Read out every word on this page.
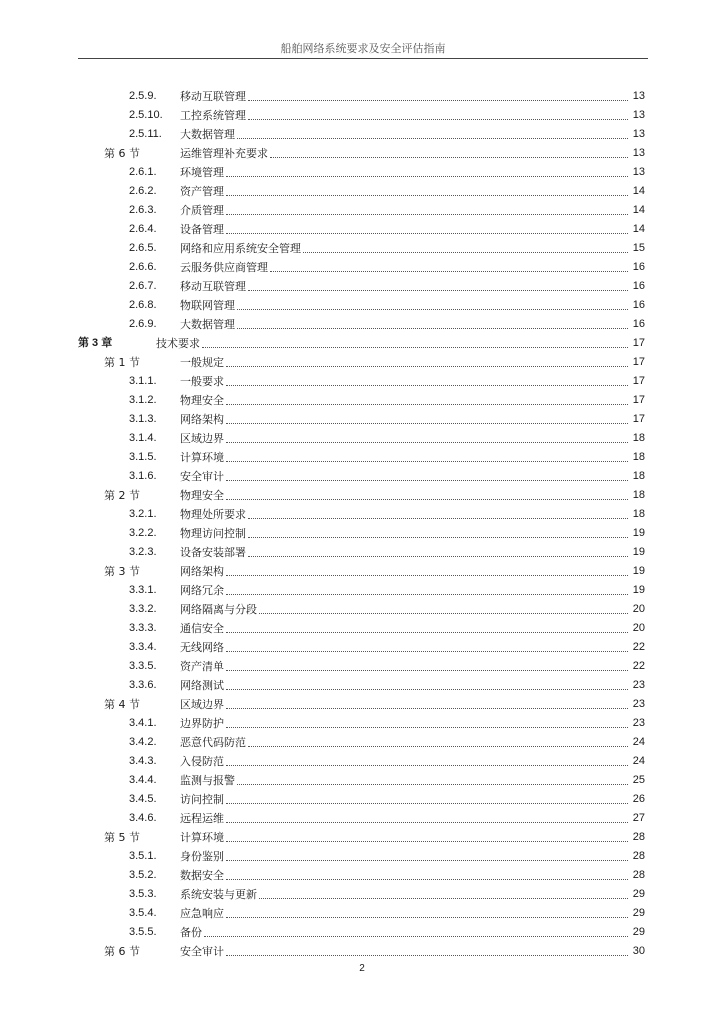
船舶网络系统要求及安全评估指南
2.5.9. 移动互联管理	13
2.5.10. 工控系统管理	13
2.5.11. 大数据管理	13
第 6 节	运维管理补充要求	13
2.6.1. 环境管理	13
2.6.2. 资产管理	14
2.6.3. 介质管理	14
2.6.4. 设备管理	14
2.6.5. 网络和应用系统安全管理	15
2.6.6. 云服务供应商管理	16
2.6.7. 移动互联管理	16
2.6.8. 物联网管理	16
2.6.9. 大数据管理	16
第 3 章	技术要求	17
第 1 节	一般规定	17
3.1.1. 一般要求	17
3.1.2. 物理安全	17
3.1.3. 网络架构	17
3.1.4. 区域边界	18
3.1.5. 计算环境	18
3.1.6. 安全审计	18
第 2 节	物理安全	18
3.2.1. 物理处所要求	18
3.2.2. 物理访问控制	19
3.2.3. 设备安装部署	19
第 3 节	网络架构	19
3.3.1. 网络冗余	19
3.3.2. 网络隔离与分段	20
3.3.3. 通信安全	20
3.3.4. 无线网络	22
3.3.5. 资产清单	22
3.3.6. 网络测试	23
第 4 节	区域边界	23
3.4.1. 边界防护	23
3.4.2. 恶意代码防范	24
3.4.3. 入侵防范	24
3.4.4. 监测与报警	25
3.4.5. 访问控制	26
3.4.6. 远程运维	27
第 5 节	计算环境	28
3.5.1. 身份鉴别	28
3.5.2. 数据安全	28
3.5.3. 系统安装与更新	29
3.5.4. 应急响应	29
3.5.5. 备份	29
第 6 节	安全审计	30
2
